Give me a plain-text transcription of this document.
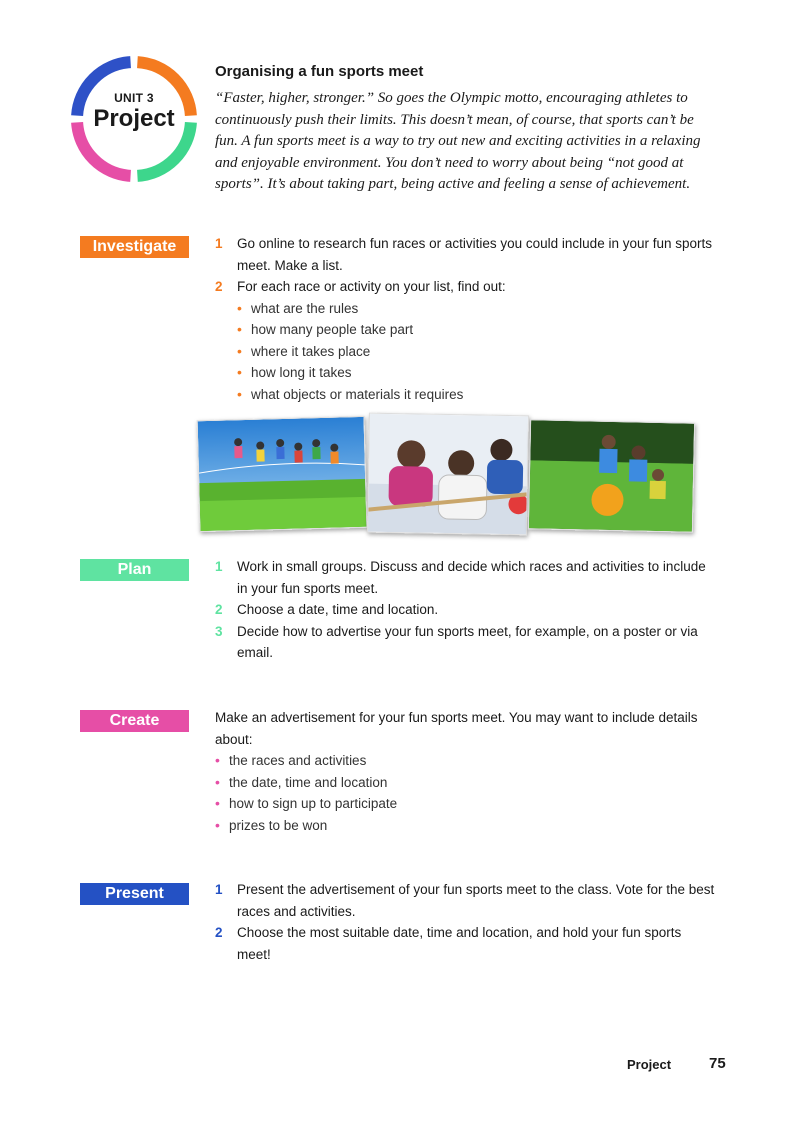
UNIT 3
Project
Organising a fun sports meet
“Faster, higher, stronger.” So goes the Olympic motto, encouraging athletes to continuously push their limits. This doesn’t mean, of course, that sports can’t be fun. A fun sports meet is a way to try out new and exciting activities in a relaxing and enjoyable environment. You don’t need to worry about being “not good at sports”. It’s about taking part, being active and feeling a sense of achievement.
Investigate	1 Go online to research fun races or activities you could include in your fun sports meet. Make a list.
2 For each race or activity on your list, find out:
• what are the rules
• how many people take part
• where it takes place
• how long it takes
• what objects or materials it requires
Plan	1 Work in small groups. Discuss and decide which races and activities to include in your fun sports meet.
2 Choose a date, time and location.
3 Decide how to advertise your fun sports meet, for example, on a poster or via email.
Create	Make an advertisement for your fun sports meet. You may want to include details about:
• the races and activities
• the date, time and location
• how to sign up to participate
• prizes to be won
Present	1 Present the advertisement of your fun sports meet to the class. Vote for the best races and activities.
2 Choose the most suitable date, time and location, and hold your fun sports meet!
Project	75
